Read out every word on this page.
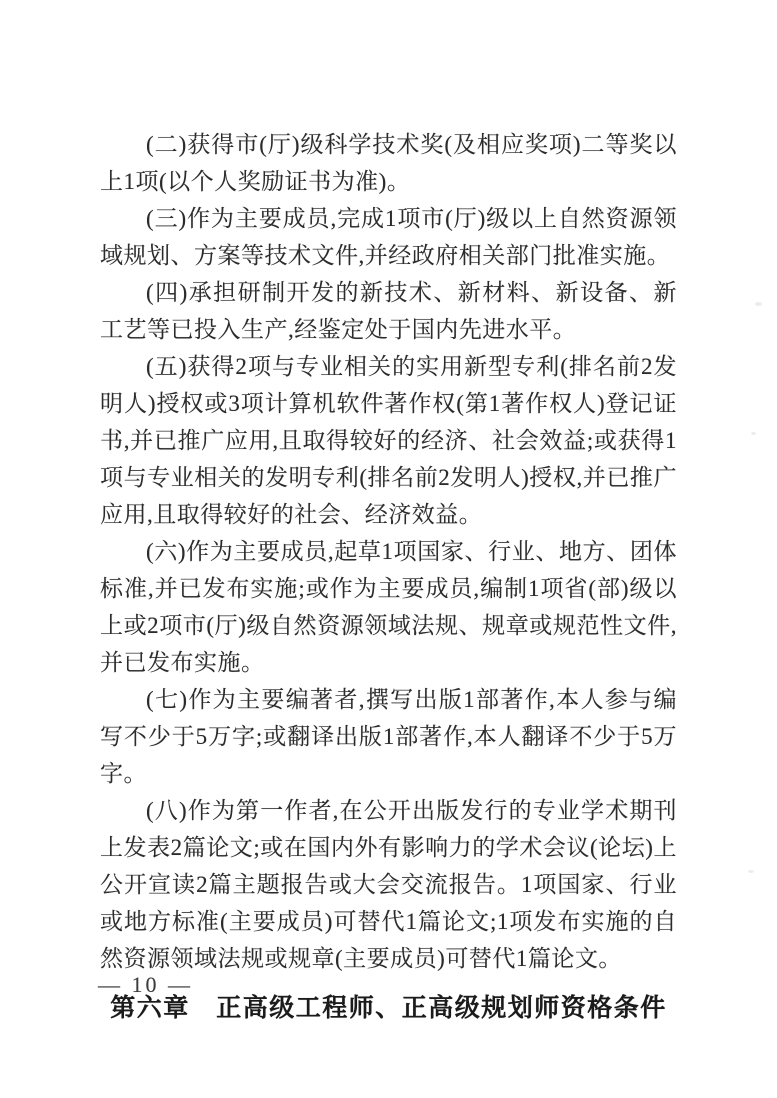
(二)获得市(厅)级科学技术奖(及相应奖项)二等奖以上1项(以个人奖励证书为准)。

(三)作为主要成员,完成1项市(厅)级以上自然资源领域规划、方案等技术文件,并经政府相关部门批准实施。

(四)承担研制开发的新技术、新材料、新设备、新工艺等已投入生产,经鉴定处于国内先进水平。

(五)获得2项与专业相关的实用新型专利(排名前2发明人)授权或3项计算机软件著作权(第1著作权人)登记证书,并已推广应用,且取得较好的经济、社会效益;或获得1项与专业相关的发明专利(排名前2发明人)授权,并已推广应用,且取得较好的社会、经济效益。

(六)作为主要成员,起草1项国家、行业、地方、团体标准,并已发布实施;或作为主要成员,编制1项省(部)级以上或2项市(厅)级自然资源领域法规、规章或规范性文件,并已发布实施。

(七)作为主要编著者,撰写出版1部著作,本人参与编写不少于5万字;或翻译出版1部著作,本人翻译不少于5万字。

(八)作为第一作者,在公开出版发行的专业学术期刊上发表2篇论文;或在国内外有影响力的学术会议(论坛)上公开宣读2篇主题报告或大会交流报告。1项国家、行业或地方标准(主要成员)可替代1篇论文;1项发布实施的自然资源领域法规或规章(主要成员)可替代1篇论文。

第六章　正高级工程师、正高级规划师资格条件
— 10 —
